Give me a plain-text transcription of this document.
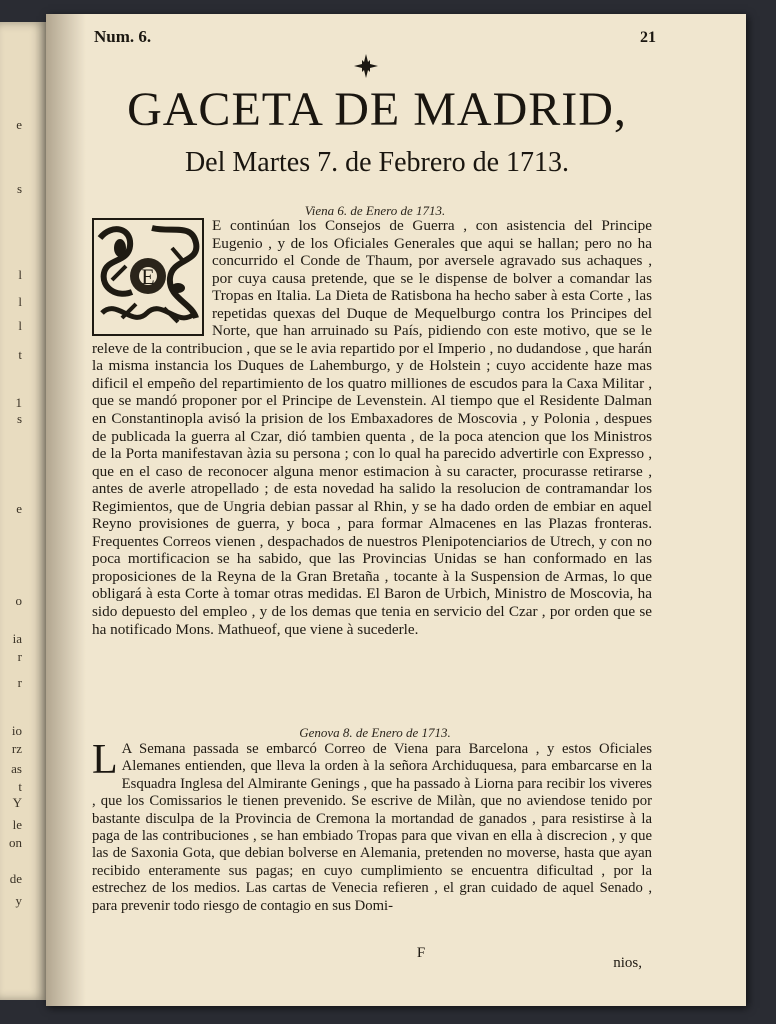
e
s
l
l
l
t
1
s
e
o
ia
r
r
io
rz
as
t
Y
le
on
de
y
Num. 6.	21
GACETA DE MADRID,
Del Martes 7. de Febrero de 1713.
Viena 6. de Enero de 1713.
E
E continúan los Consejos de Guerra , con asistencia del Principe Eugenio , y de los Oficiales Generales que aqui se hallan; pero no ha concurrido el Conde de Thaum, por aversele agravado sus achaques , por cuya causa pretende, que se le dispense de bolver a comandar las Tropas en Italia. La Dieta de Ratisbona ha hecho saber à esta Corte , las repetidas quexas del Duque de Mequelburgo contra los Principes del Norte, que han arruinado su País, pidiendo con este motivo, que se le releve de la contribucion , que se le avia repartido por el Imperio , no dudandose , que harán la misma instancia los Duques de Lahemburgo, y de Holstein ; cuyo accidente haze mas dificil el empeño del repartimiento de los quatro milliones de escudos para la Caxa Militar , que se mandó proponer por el Principe de Levenstein. Al tiempo que el Residente Dalman en Constantinopla avisó la prision de los Embaxadores de Moscovia , y Polonia , despues de publicada la guerra al Czar, dió tambien quenta , de la poca atencion que los Ministros de la Porta manifestavan àzia su persona ; con lo qual ha parecido advertirle con Expresso , que en el caso de reconocer alguna menor estimacion à su caracter, procurasse retirarse , antes de averle atropellado ; de esta novedad ha salido la resolucion de contramandar los Regimientos, que de Ungria debian passar al Rhin, y se ha dado orden de embiar en aquel Reyno provisiones de guerra, y boca , para formar Almacenes en las Plazas fronteras. Frequentes Correos vienen , despachados de nuestros Plenipotenciarios de Utrech, y con no poca mortificacion se ha sabido, que las Provincias Unidas se han conformado en las proposiciones de la Reyna de la Gran Bretaña , tocante à la Suspension de Armas, lo que obligará à esta Corte à tomar otras medidas. El Baron de Urbich, Ministro de Moscovia, ha sido depuesto del empleo , y de los demas que tenia en servicio del Czar , por orden que se ha notificado Mons. Mathueof, que viene à sucederle.
Genova 8. de Enero de 1713.
L A Semana passada se embarcó Correo de Viena para Barcelona , y estos Oficiales Alemanes entienden, que lleva la orden à la señora Archiduquesa, para embarcarse en la Esquadra Inglesa del Almirante Genings , que ha passado à Liorna para recibir los viveres , que los Comissarios le tienen prevenido. Se escrive de Milàn, que no aviendose tenido por bastante disculpa de la Provincia de Cremona la mortandad de ganados , para resistirse à la paga de las contribuciones , se han embiado Tropas para que vivan en ella à discrecion , y que las de Saxonia Gota, que debian bolverse en Alemania, pretenden no moverse, hasta que ayan recibido enteramente sus pagas; en cuyo cumplimiento se encuentra dificultad , por la estrechez de los medios. Las cartas de Venecia refieren , el gran cuidado de aquel Senado , para prevenir todo riesgo de contagio en sus Domi-
F
nios,
